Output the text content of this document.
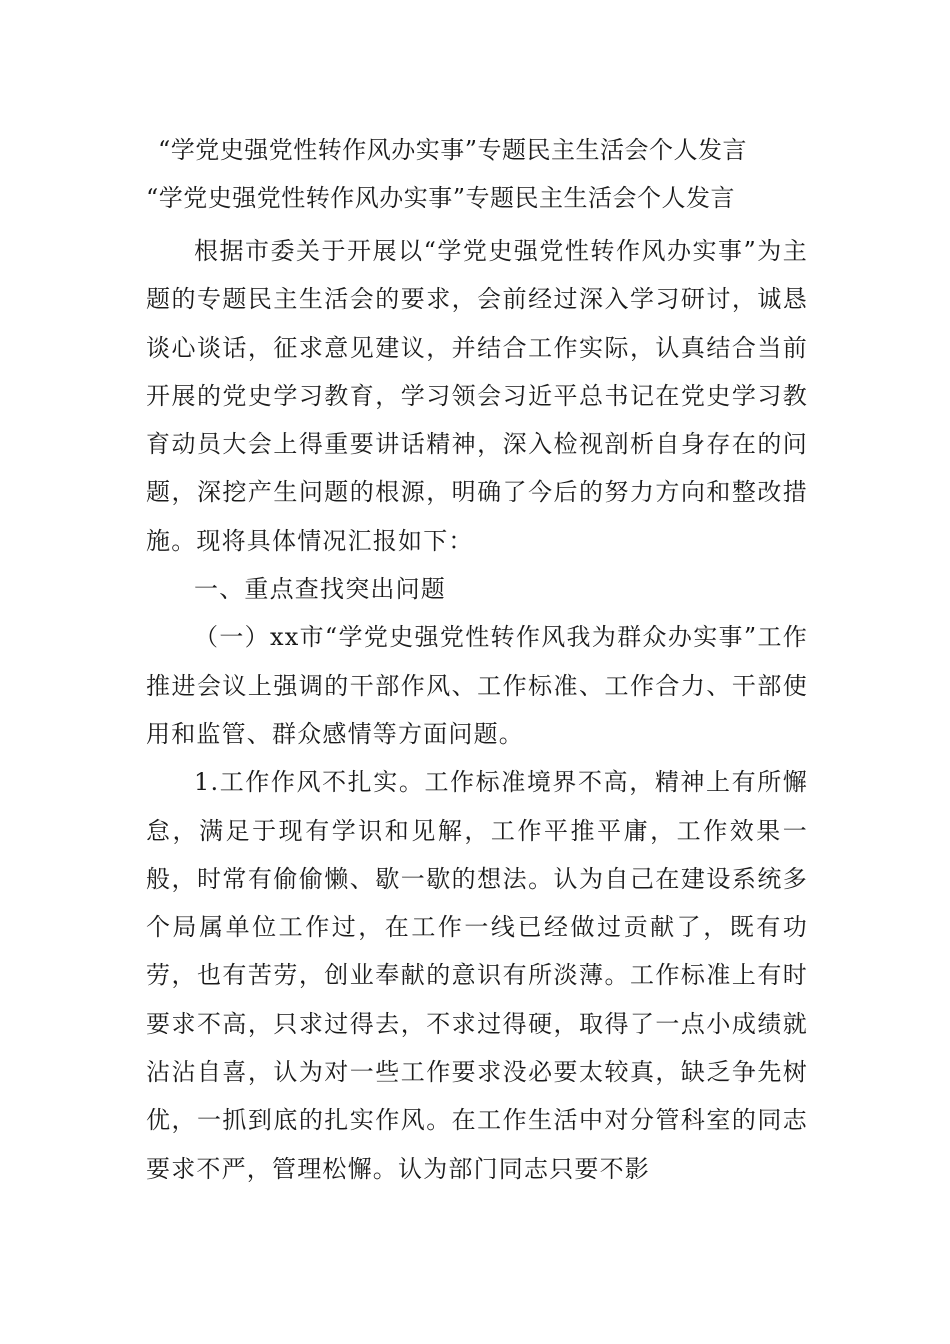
“学党史强党性转作风办实事”专题民主生活会个人发言
“学党史强党性转作风办实事”专题民主生活会个人发言

根据市委关于开展以“学党史强党性转作风办实事”为主题的专题民主生活会的要求，会前经过深入学习研讨，诚恳谈心谈话，征求意见建议，并结合工作实际，认真结合当前开展的党史学习教育，学习领会习近平总书记在党史学习教育动员大会上得重要讲话精神，深入检视剖析自身存在的问题，深挖产生问题的根源，明确了今后的努力方向和整改措施。现将具体情况汇报如下：

一、重点查找突出问题

（一）xx市“学党史强党性转作风我为群众办实事”工作推进会议上强调的干部作风、工作标准、工作合力、干部使用和监管、群众感情等方面问题。

1.工作作风不扎实。工作标准境界不高，精神上有所懈怠，满足于现有学识和见解，工作平推平庸，工作效果一般，时常有偷偷懒、歇一歇的想法。认为自己在建设系统多个局属单位工作过，在工作一线已经做过贡献了，既有功劳，也有苦劳，创业奉献的意识有所淡薄。工作标准上有时要求不高，只求过得去，不求过得硬，取得了一点小成绩就沾沾自喜，认为对一些工作要求没必要太较真，缺乏争先树优，一抓到底的扎实作风。在工作生活中对分管科室的同志要求不严，管理松懈。认为部门同志只要不影
